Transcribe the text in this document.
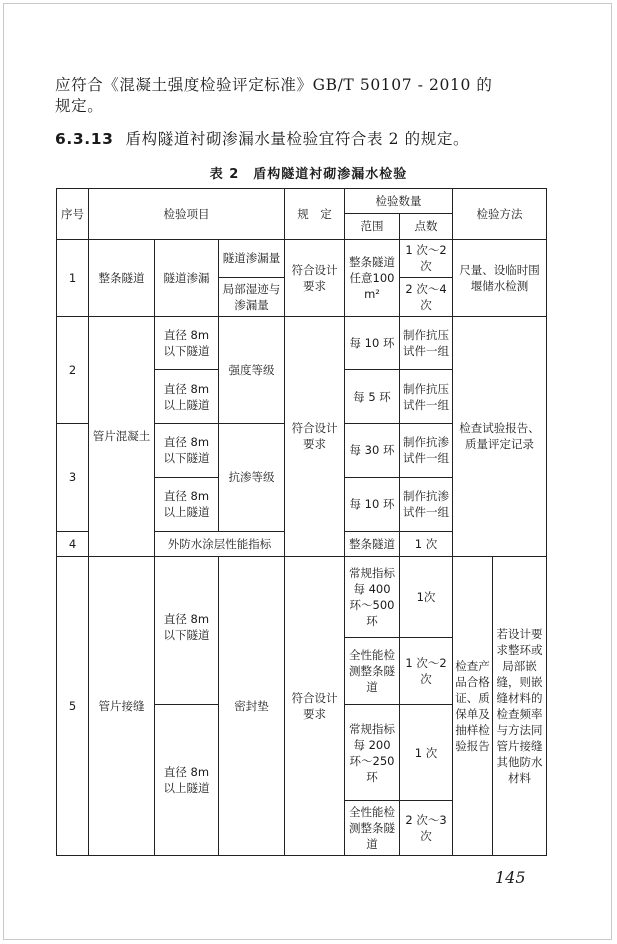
应符合《混凝土强度检验评定标准》GB/T 50107 - 2010 的
规定。
6.3.13 盾构隧道衬砌渗漏水量检验宜符合表 2 的规定。
表 2　盾构隧道衬砌渗漏水检验
序号	检验项目			规　定	检验数量		检验方法	
					范围	点数		
1	整条隧道	隧道渗漏	隧道渗漏量	符合设计要求	整条隧道任意100m²	1 次～2 次	尺量、设临时围堰储水检测	
			局部湿迹与渗漏量			2 次～4 次		
2	管片混凝土	直径 8m 以下隧道	强度等级	符合设计要求	每 10 环	制作抗压试件一组	检查试验报告、质量评定记录	
		直径 8m 以上隧道			每 5 环	制作抗压试件一组		
3		直径 8m 以下隧道	抗渗等级		每 30 环	制作抗渗试件一组		
		直径 8m 以上隧道			每 10 环	制作抗渗试件一组		
4		外防水涂层性能指标			整条隧道	1 次		
5	管片接缝	直径 8m 以下隧道	密封垫	符合设计要求	常规指标每 400 环～500 环	1次	检查产品合格证、质保单及抽样检验报告	若设计要求整环或局部嵌缝，则嵌缝材料的检查频率与方法同管片接缝其他防水材料
					全性能检测整条隧道	1 次～2 次		
		直径 8m 以上隧道			常规指标每 200 环～250 环	1 次		
					全性能检测整条隧道	2 次～3 次		
145
